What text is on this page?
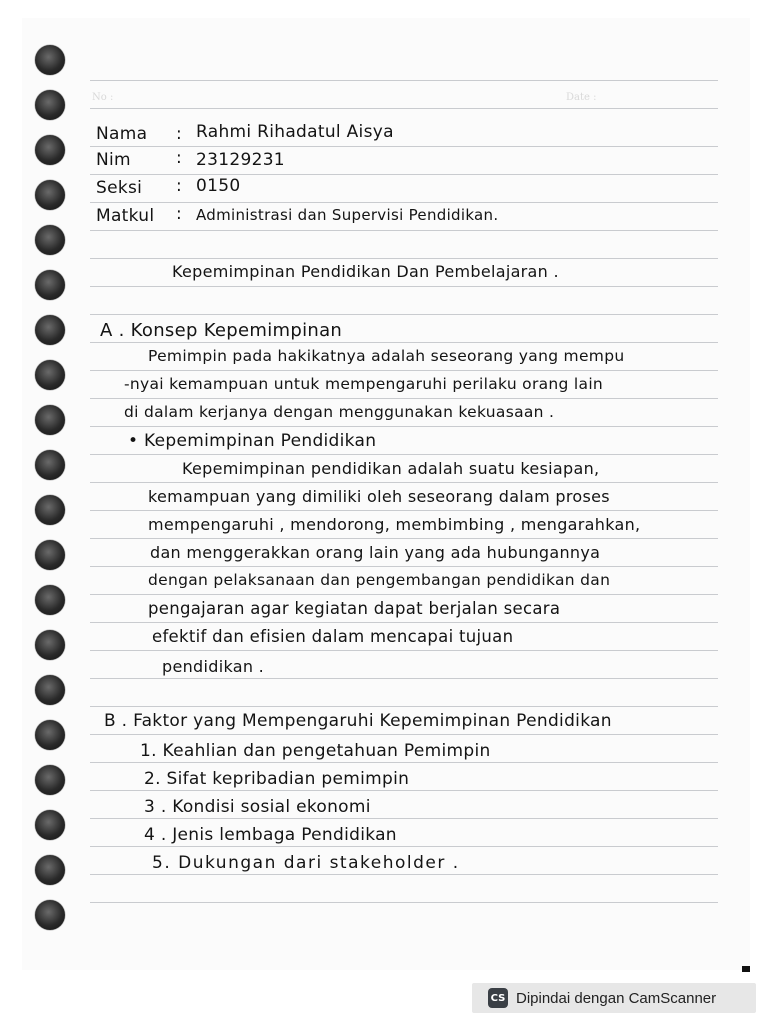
No :	Date :
Nama	: Rahmi Rihadatul Aisya
Nim	: 23129231
Seksi	: 0150
Matkul	: Administrasi dan Supervisi Pendidikan.
Kepemimpinan Pendidikan Dan Pembelajaran .
A . Konsep Kepemimpinan
Pemimpin pada hakikatnya adalah seseorang yang mempu
-nyai kemampuan untuk mempengaruhi perilaku orang lain
di dalam kerjanya dengan menggunakan kekuasaan .
• Kepemimpinan Pendidikan
Kepemimpinan pendidikan adalah suatu kesiapan,
kemampuan yang dimiliki oleh seseorang dalam proses
mempengaruhi , mendorong, membimbing , mengarahkan,
dan menggerakkan orang lain yang ada hubungannya
dengan pelaksanaan dan pengembangan pendidikan dan
pengajaran agar kegiatan dapat berjalan secara
efektif dan efisien dalam mencapai tujuan
pendidikan .
B . Faktor yang Mempengaruhi Kepemimpinan Pendidikan
1. Keahlian dan pengetahuan Pemimpin
2. Sifat kepribadian pemimpin
3 . Kondisi sosial ekonomi
4 . Jenis lembaga Pendidikan
5. Dukungan dari stakeholder .
CS Dipindai dengan CamScanner
